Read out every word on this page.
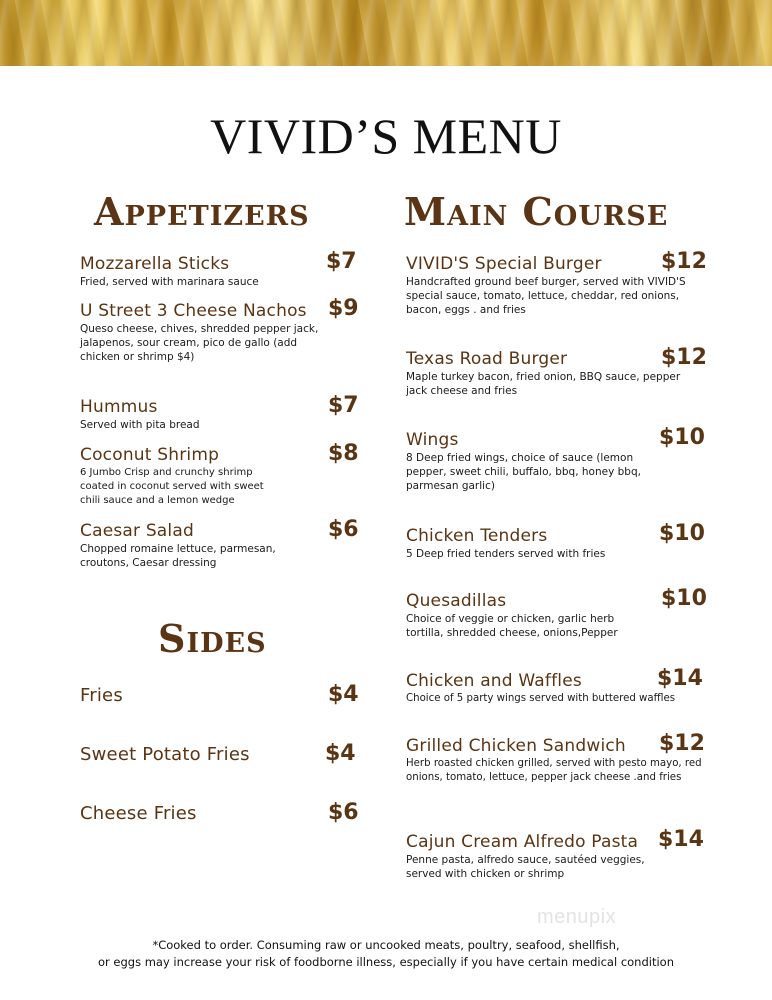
VIVID’S MENU
Appetizers
Mozzarella Sticks
Fried, served with marinara sauce
$7
U Street 3 Cheese Nachos
Queso cheese, chives, shredded pepper jack, jalapenos, sour cream, pico de gallo (add chicken or shrimp $4)
$9
Hummus
Served with pita bread
$7
Coconut Shrimp
6 Jumbo Crisp and crunchy shrimp coated in coconut served with sweet chili sauce and a lemon wedge
$8
Caesar Salad
Chopped romaine lettuce, parmesan, croutons, Caesar dressing
$6
Sides
Fries	$4
Sweet Potato Fries	$4
Cheese Fries	$6
Main Course
VIVID'S Special Burger
Handcrafted ground beef burger, served with VIVID'S special sauce, tomato, lettuce, cheddar, red onions, bacon, eggs . and fries
$12
Texas Road Burger
Maple turkey bacon, fried onion, BBQ sauce, pepper jack cheese and fries
$12
Wings
8 Deep fried wings, choice of sauce (lemon pepper, sweet chili, buffalo, bbq, honey bbq, parmesan garlic)
$10
Chicken Tenders
5 Deep fried tenders served with fries
$10
Quesadillas
Choice of veggie or chicken, garlic herb tortilla, shredded cheese, onions,Pepper
$10
Chicken and Waffles
Choice of 5 party wings served with buttered waffles
$14
Grilled Chicken Sandwich
Herb roasted chicken grilled, served with pesto mayo, red onions, tomato, lettuce, pepper jack cheese .and fries
$12
Cajun Cream Alfredo Pasta
Penne pasta, alfredo sauce, sautéed veggies, served with chicken or shrimp
$14
menupix
*Cooked to order. Consuming raw or uncooked meats, poultry, seafood, shellfish,
or eggs may increase your risk of foodborne illness, especially if you have certain medical condition
